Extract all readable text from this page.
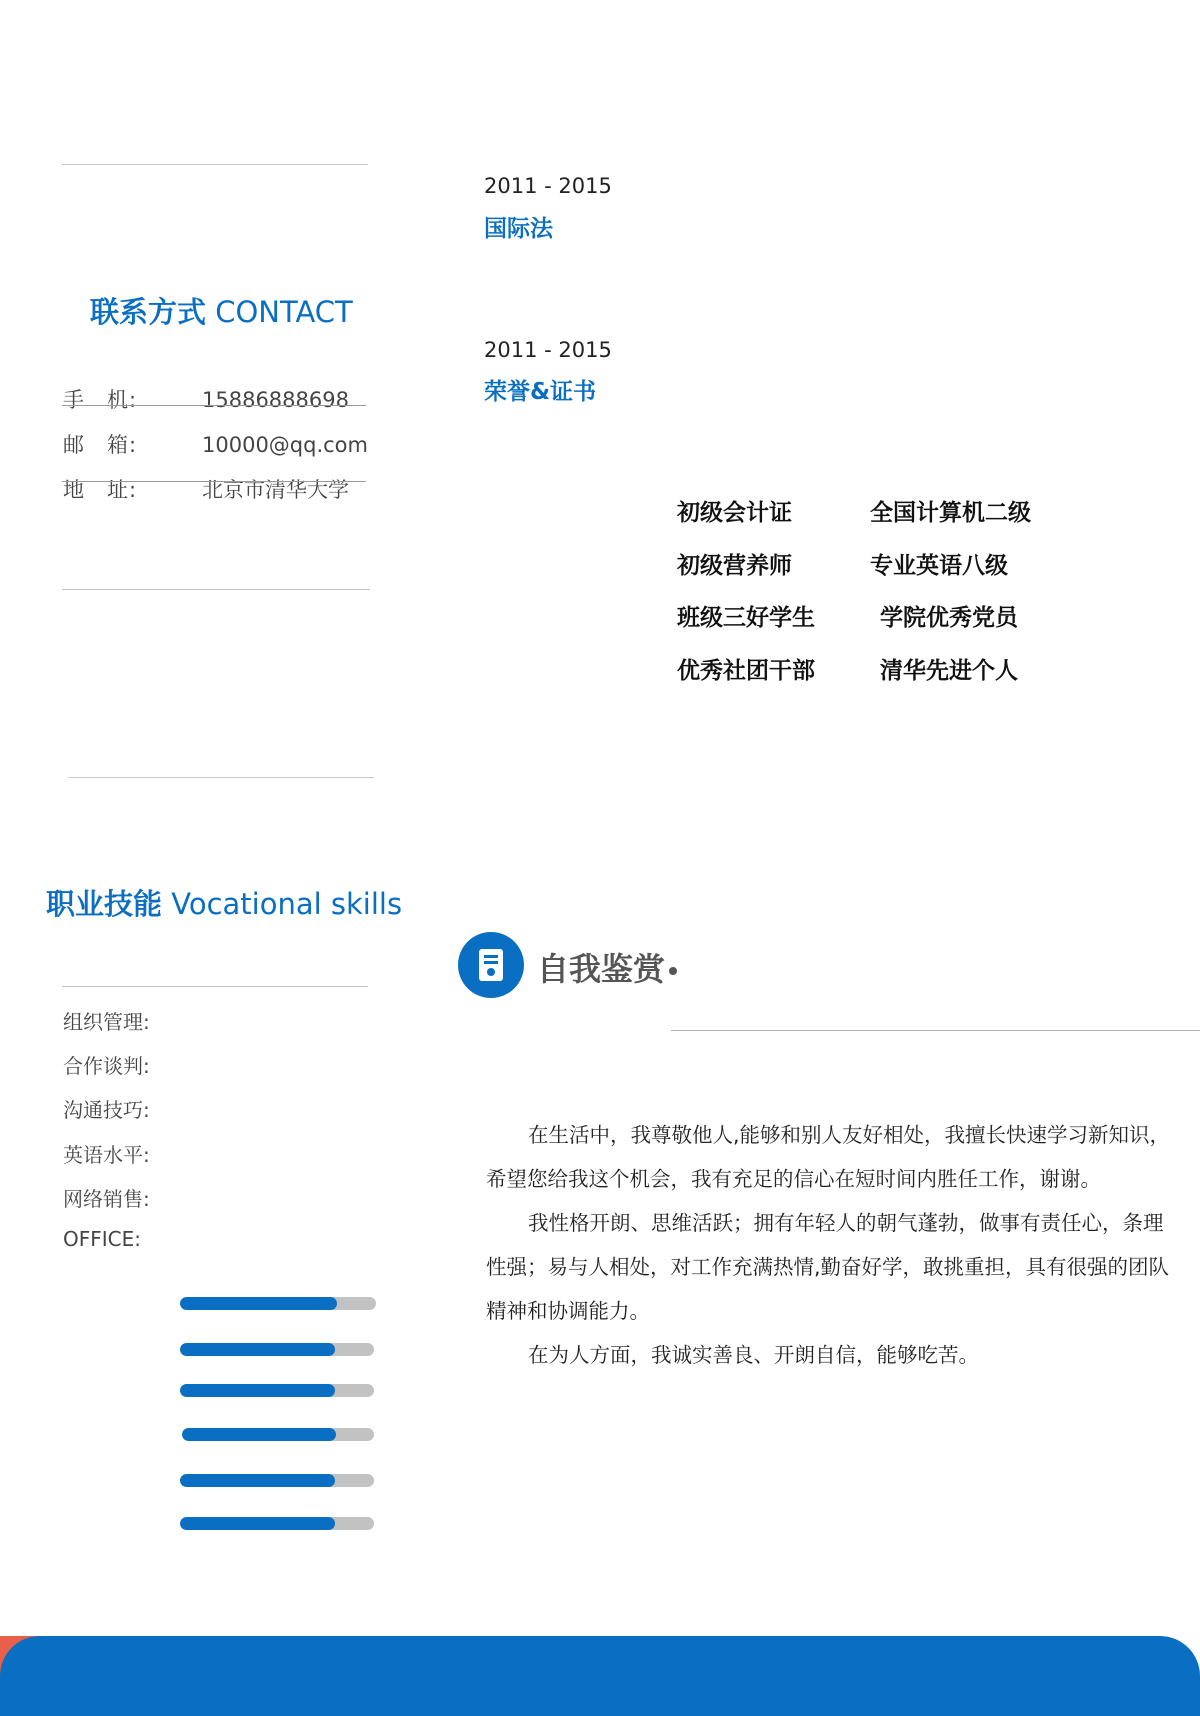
联系方式 CONTACT
手　机:	15886888698
邮　箱:	10000@qq.com
地　址:	北京市清华大学
职业技能 Vocational skills
组织管理:
合作谈判:
沟通技巧:
英语水平:
网络销售:
OFFICE:
2011 - 2015
国际法
2011 - 2015
荣誉&证书
初级会计证	全国计算机二级
初级营养师	专业英语八级
班级三好学生	学院优秀党员
优秀社团干部	清华先进个人
自我鉴赏

在生活中，我尊敬他人,能够和别人友好相处，我擅长快速学习新知识，希望您给我这个机会，我有充足的信心在短时间内胜任工作，谢谢。

我性格开朗、思维活跃；拥有年轻人的朝气蓬勃，做事有责任心，条理性强；易与人相处，对工作充满热情,勤奋好学，敢挑重担，具有很强的团队精神和协调能力。

在为人方面，我诚实善良、开朗自信，能够吃苦。
